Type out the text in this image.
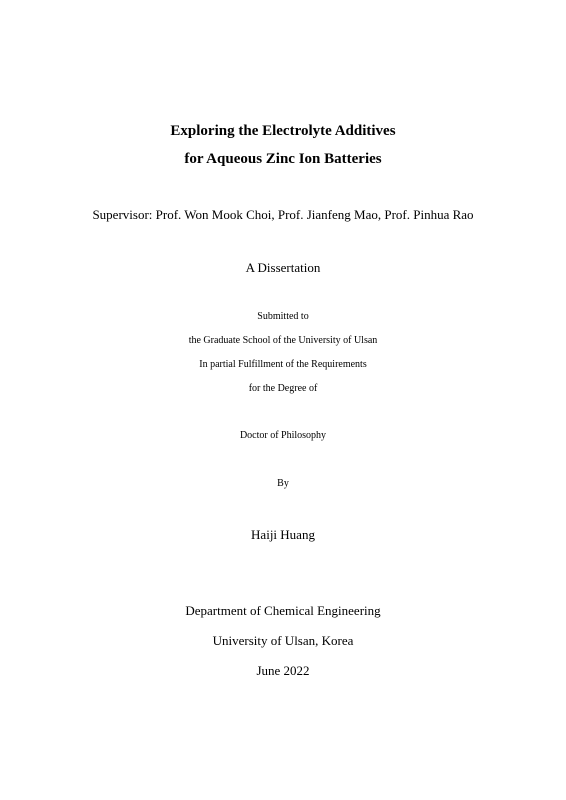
Exploring the Electrolyte Additives
for Aqueous Zinc Ion Batteries
Supervisor: Prof. Won Mook Choi, Prof. Jianfeng Mao, Prof. Pinhua Rao
A Dissertation
Submitted to
the Graduate School of the University of Ulsan
In partial Fulfillment of the Requirements
for the Degree of
Doctor of Philosophy
By
Haiji Huang
Department of Chemical Engineering
University of Ulsan, Korea
June 2022
